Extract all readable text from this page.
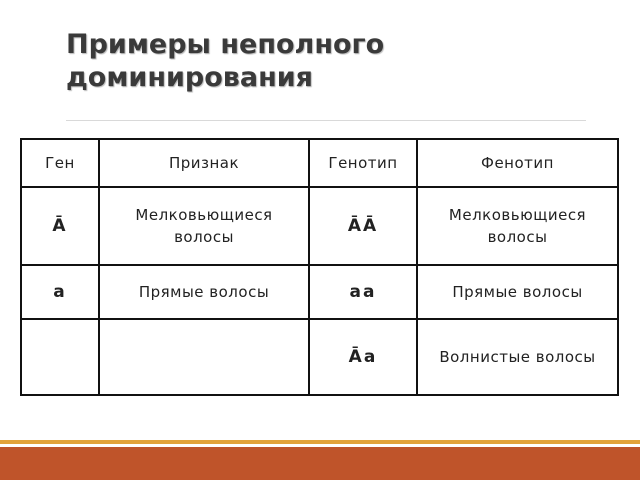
Примеры неполного доминирования
Ген	Признак	Генотип	Фенотип
Ā	Мелковьющиеся волосы	ĀĀ	Мелковьющиеся волосы
а	Прямые волосы	аа	Прямые волосы
		Āа	Волнистые волосы
